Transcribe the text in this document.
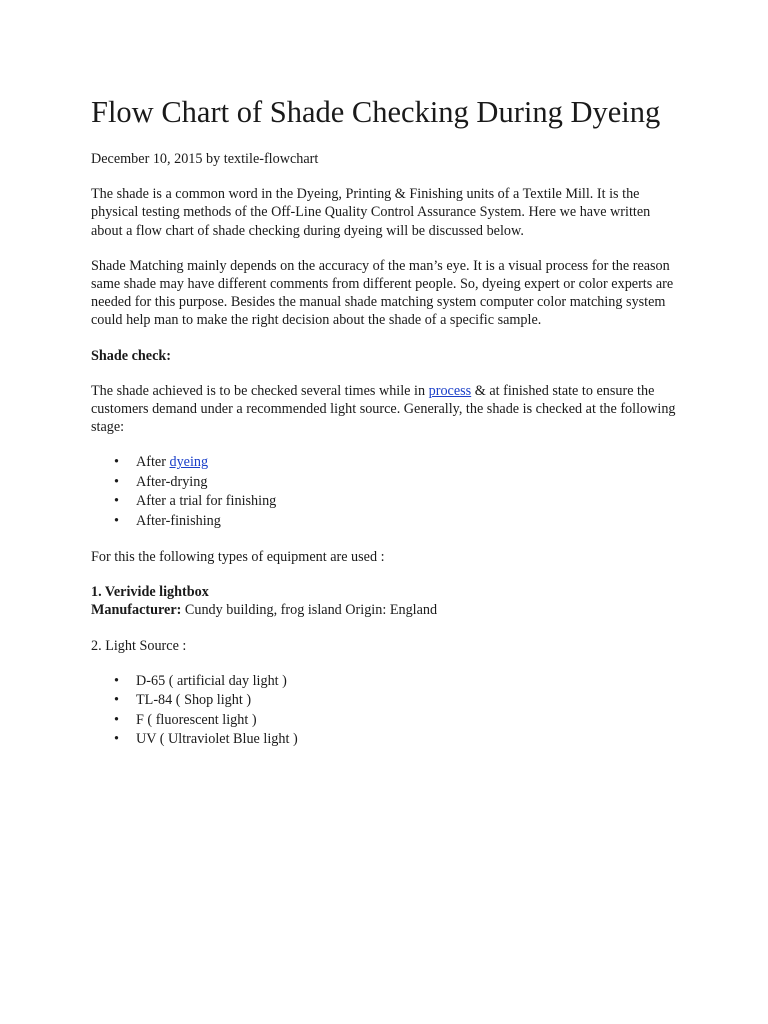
Flow Chart of Shade Checking During Dyeing

December 10, 2015 by textile-flowchart

The shade is a common word in the Dyeing, Printing & Finishing units of a Textile Mill. It is the physical testing methods of the Off-Line Quality Control Assurance System. Here we have written about a flow chart of shade checking during dyeing will be discussed below.

Shade Matching mainly depends on the accuracy of the man’s eye. It is a visual process for the reason same shade may have different comments from different people. So, dyeing expert or color experts are needed for this purpose. Besides the manual shade matching system computer color matching system could help man to make the right decision about the shade of a specific sample.

Shade check:

The shade achieved is to be checked several times while in process & at finished state to ensure the customers demand under a recommended light source. Generally, the shade is checked at the following stage:

• After dyeing
• After-drying
• After a trial for finishing
• After-finishing

For this the following types of equipment are used :

1. Verivide lightbox

Manufacturer: Cundy building, frog island Origin: England

2. Light Source :

• D-65 ( artificial day light )
• TL-84 ( Shop light )
• F ( fluorescent light )
• UV ( Ultraviolet Blue light )
